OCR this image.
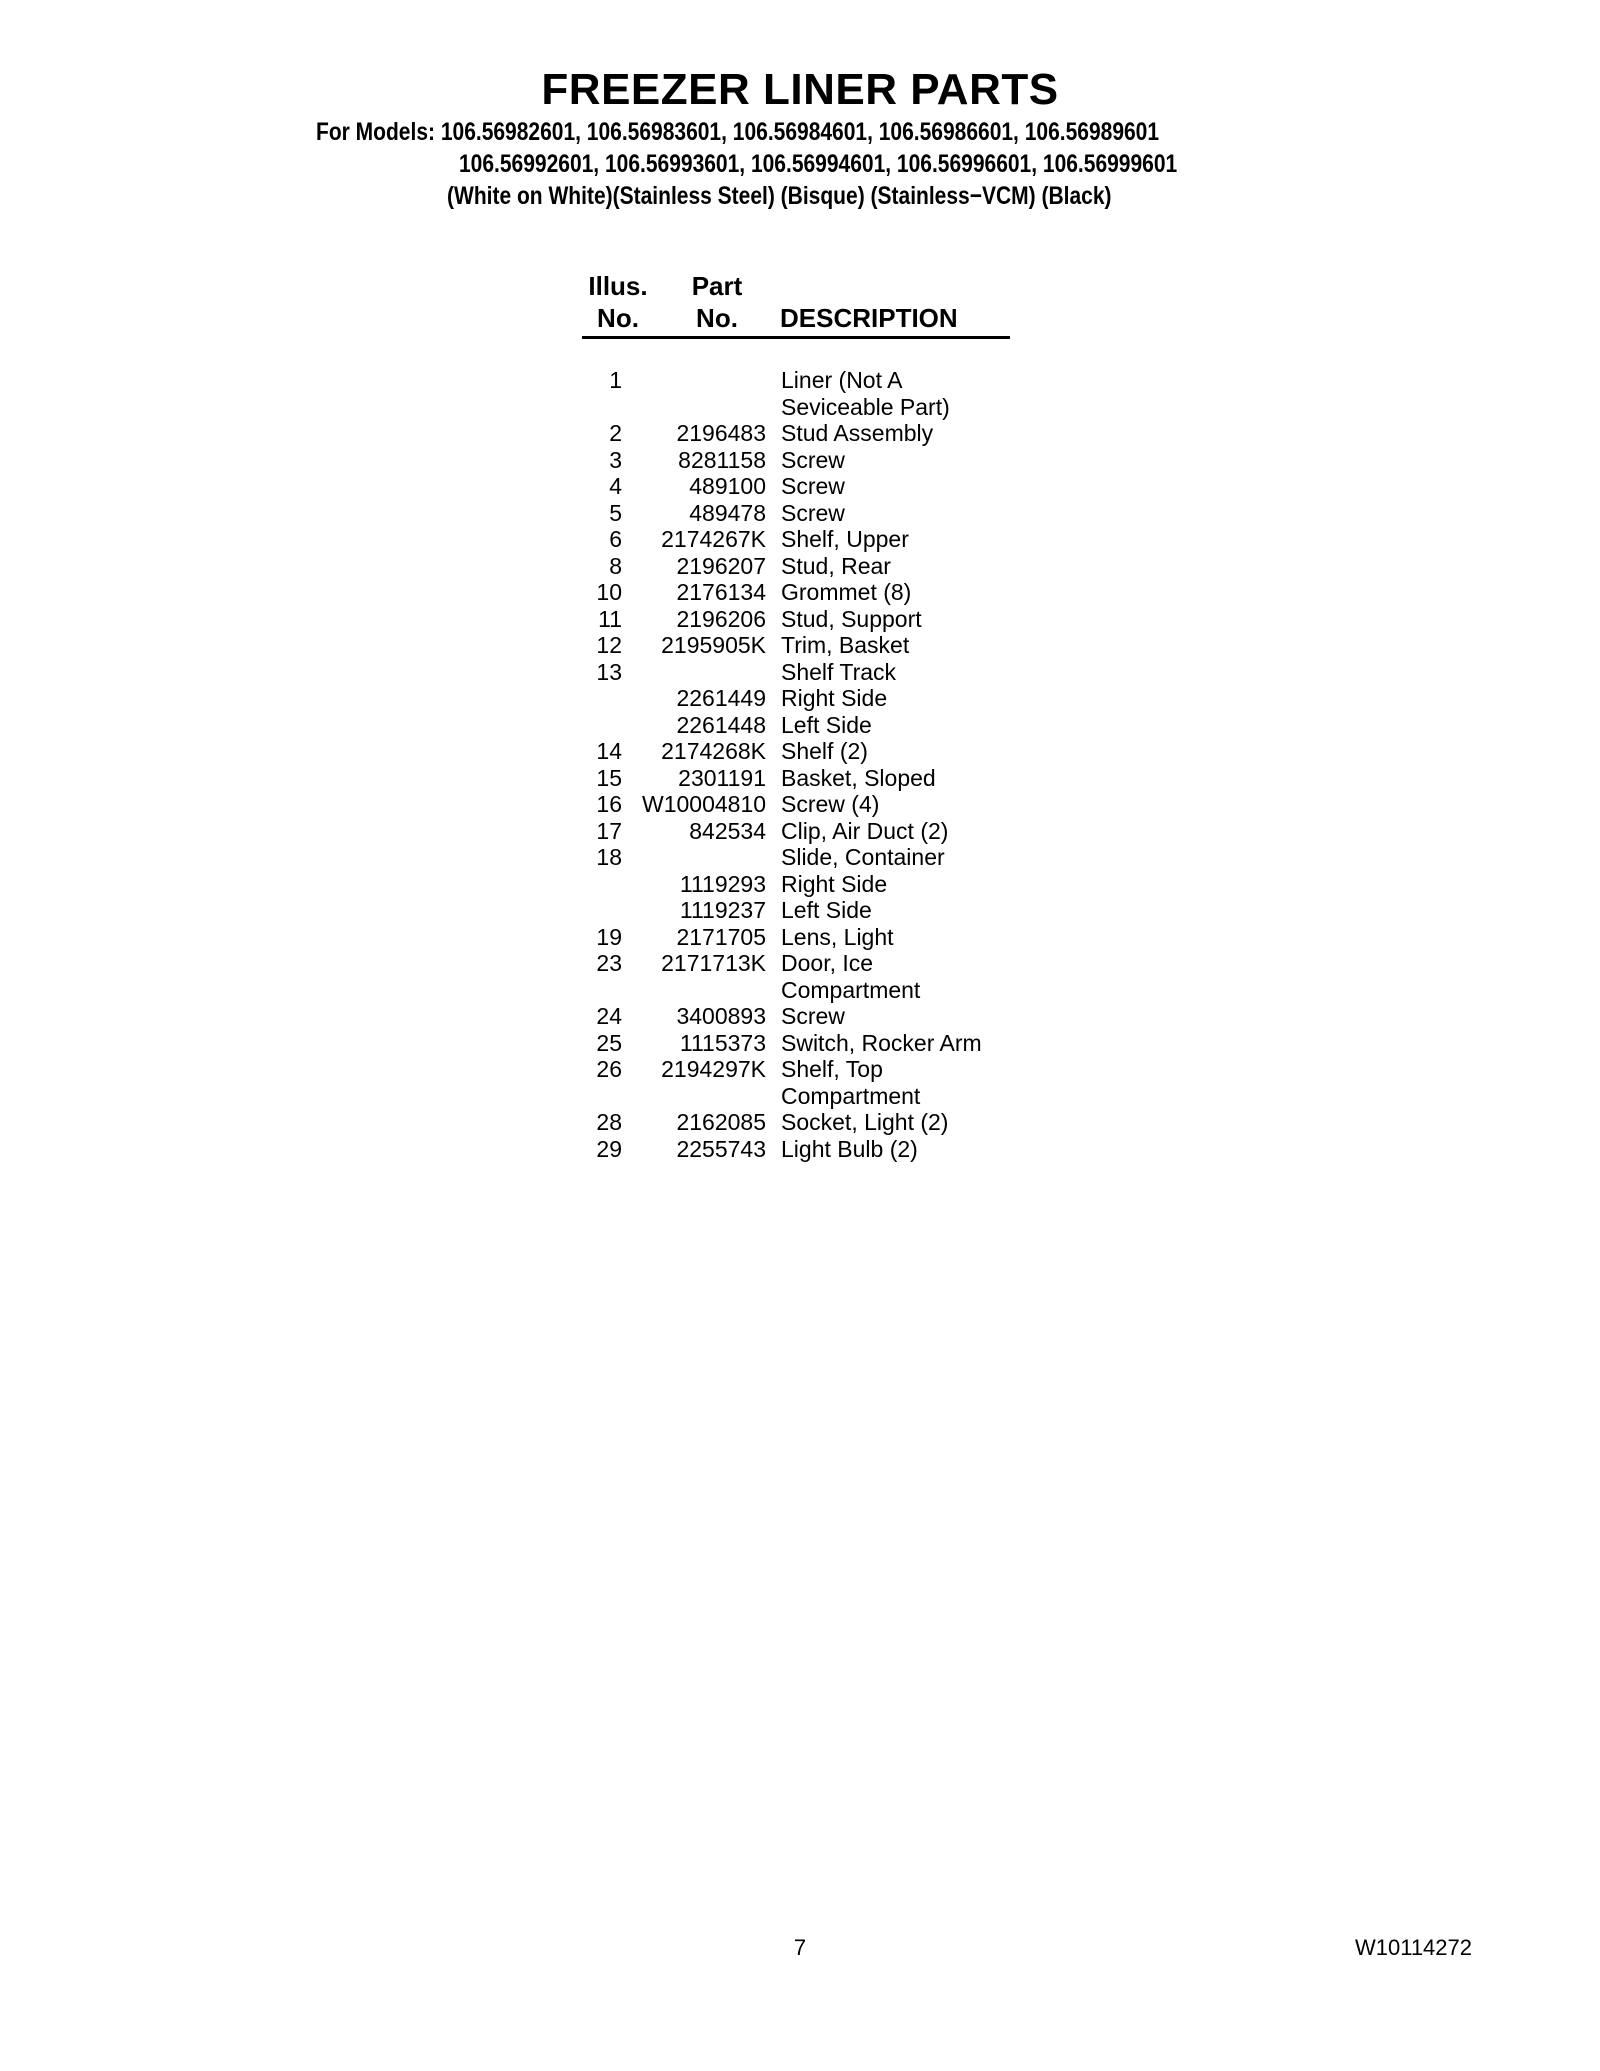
FREEZER LINER PARTS
For Models: 106.56982601, 106.56983601, 106.56984601, 106.56986601, 106.56989601
106.56992601, 106.56993601, 106.56994601, 106.56996601, 106.56999601
(White on White)(Stainless Steel) (Bisque) (Stainless−VCM) (Black)
Illus.
No.
Part
No.	DESCRIPTION
1	Liner (Not A
Seviceable Part)
2	2196483 Stud Assembly
3	8281158 Screw
4	489100 Screw
5	489478 Screw
6	2174267K Shelf, Upper
8	2196207 Stud, Rear
10	2176134 Grommet (8)
11	2196206 Stud, Support
12	2195905K Trim, Basket
13	Shelf Track
2261449 Right Side
2261448 Left Side
14	2174268K Shelf (2)
15	2301191 Basket, Sloped
16 W10004810 Screw (4)
17	842534 Clip, Air Duct (2)
18	Slide, Container
1119293 Right Side
1119237 Left Side
19	2171705 Lens, Light
23	2171713K Door, Ice
Compartment
24	3400893 Screw
25	1115373 Switch, Rocker Arm
26	2194297K Shelf, Top
Compartment
28	2162085 Socket, Light (2)
29	2255743 Light Bulb (2)
7	W10114272
